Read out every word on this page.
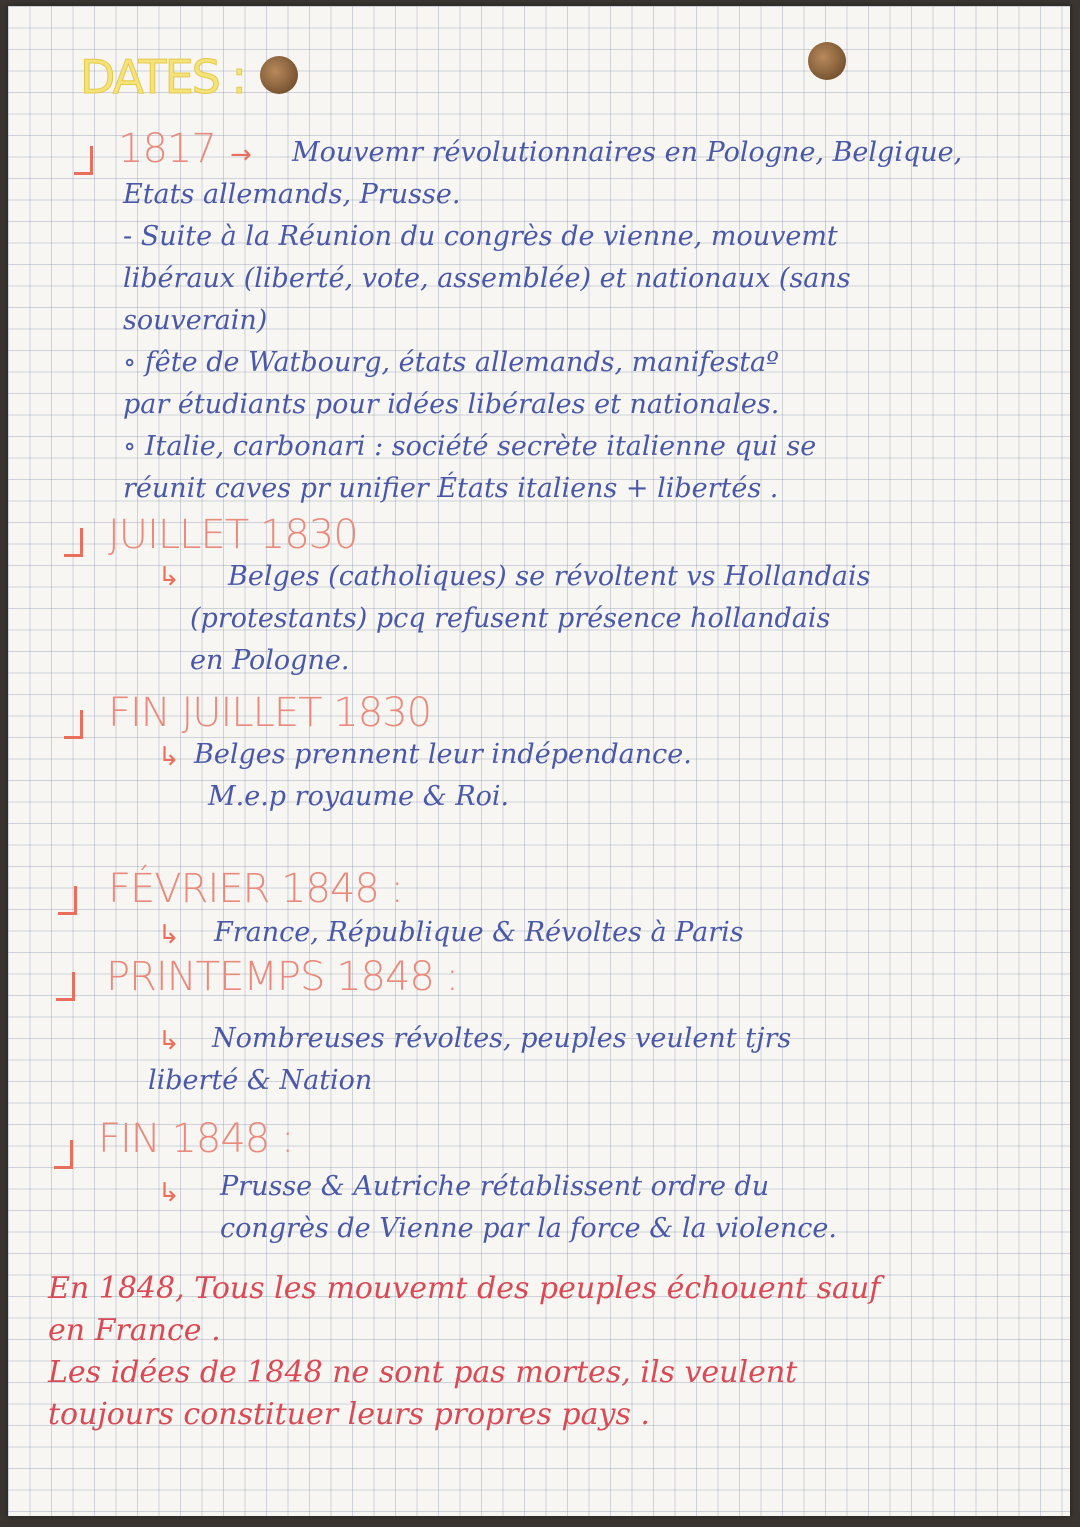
DATES :
1817 → Mouvemr révolutionnaires en Pologne, Belgique,
Etats allemands, Prusse.
- Suite à la Réunion du congrès de vienne, mouvemt
libéraux (liberté, vote, assemblée) et nationaux (sans
souverain)
∘ fête de Watbourg, états allemands, manifestaº
par étudiants pour idées libérales et nationales.
∘ Italie, carbonari : société secrète italienne qui se
réunit caves pr unifier États italiens + libertés .
JUILLET 1830
↳	Belges (catholiques) se révoltent vs Hollandais
(protestants) pcq refusent présence hollandais
en Pologne.
FIN JUILLET 1830
↳ Belges prennent leur indépendance.
M.e.p royaume & Roi.
FÉVRIER 1848 :
↳ France, République & Révoltes à Paris
PRINTEMPS 1848 :
↳	Nombreuses révoltes, peuples veulent tjrs
liberté & Nation
FIN 1848 :
↳ Prusse & Autriche rétablissent ordre du
congrès de Vienne par la force & la violence.
En 1848, Tous les mouvemt des peuples échouent sauf
en France .
Les idées de 1848 ne sont pas mortes, ils veulent
toujours constituer leurs propres pays .
